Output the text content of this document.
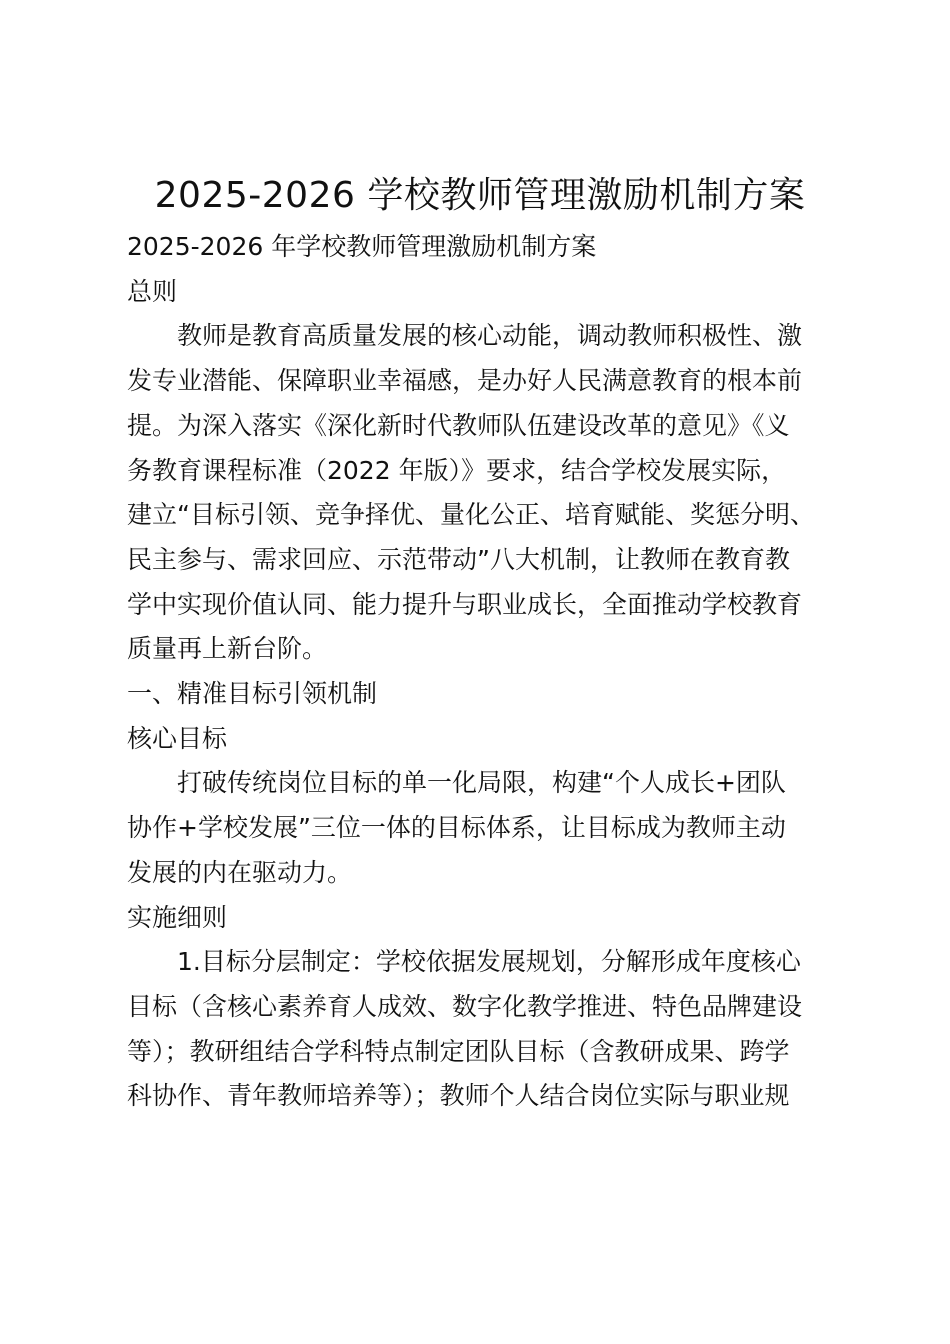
2025-2026 学校教师管理激励机制方案

2025-2026 年学校教师管理激励机制方案

总则

教师是教育高质量发展的核心动能，调动教师积极性、激
发专业潜能、保障职业幸福感，是办好人民满意教育的根本前
提。为深入落实《深化新时代教师队伍建设改革的意见》《义
务教育课程标准（2022 年版）》要求，结合学校发展实际，
建立“目标引领、竞争择优、量化公正、培育赋能、奖惩分明、
民主参与、需求回应、示范带动”八大机制，让教师在教育教
学中实现价值认同、能力提升与职业成长，全面推动学校教育
质量再上新台阶。

一、精准目标引领机制

核心目标

打破传统岗位目标的单一化局限，构建“个人成长+团队
协作+学校发展”三位一体的目标体系，让目标成为教师主动
发展的内在驱动力。

实施细则

1.目标分层制定：学校依据发展规划，分解形成年度核心
目标（含核心素养育人成效、数字化教学推进、特色品牌建设
等）；教研组结合学科特点制定团队目标（含教研成果、跨学
科协作、青年教师培养等）；教师个人结合岗位实际与职业规
